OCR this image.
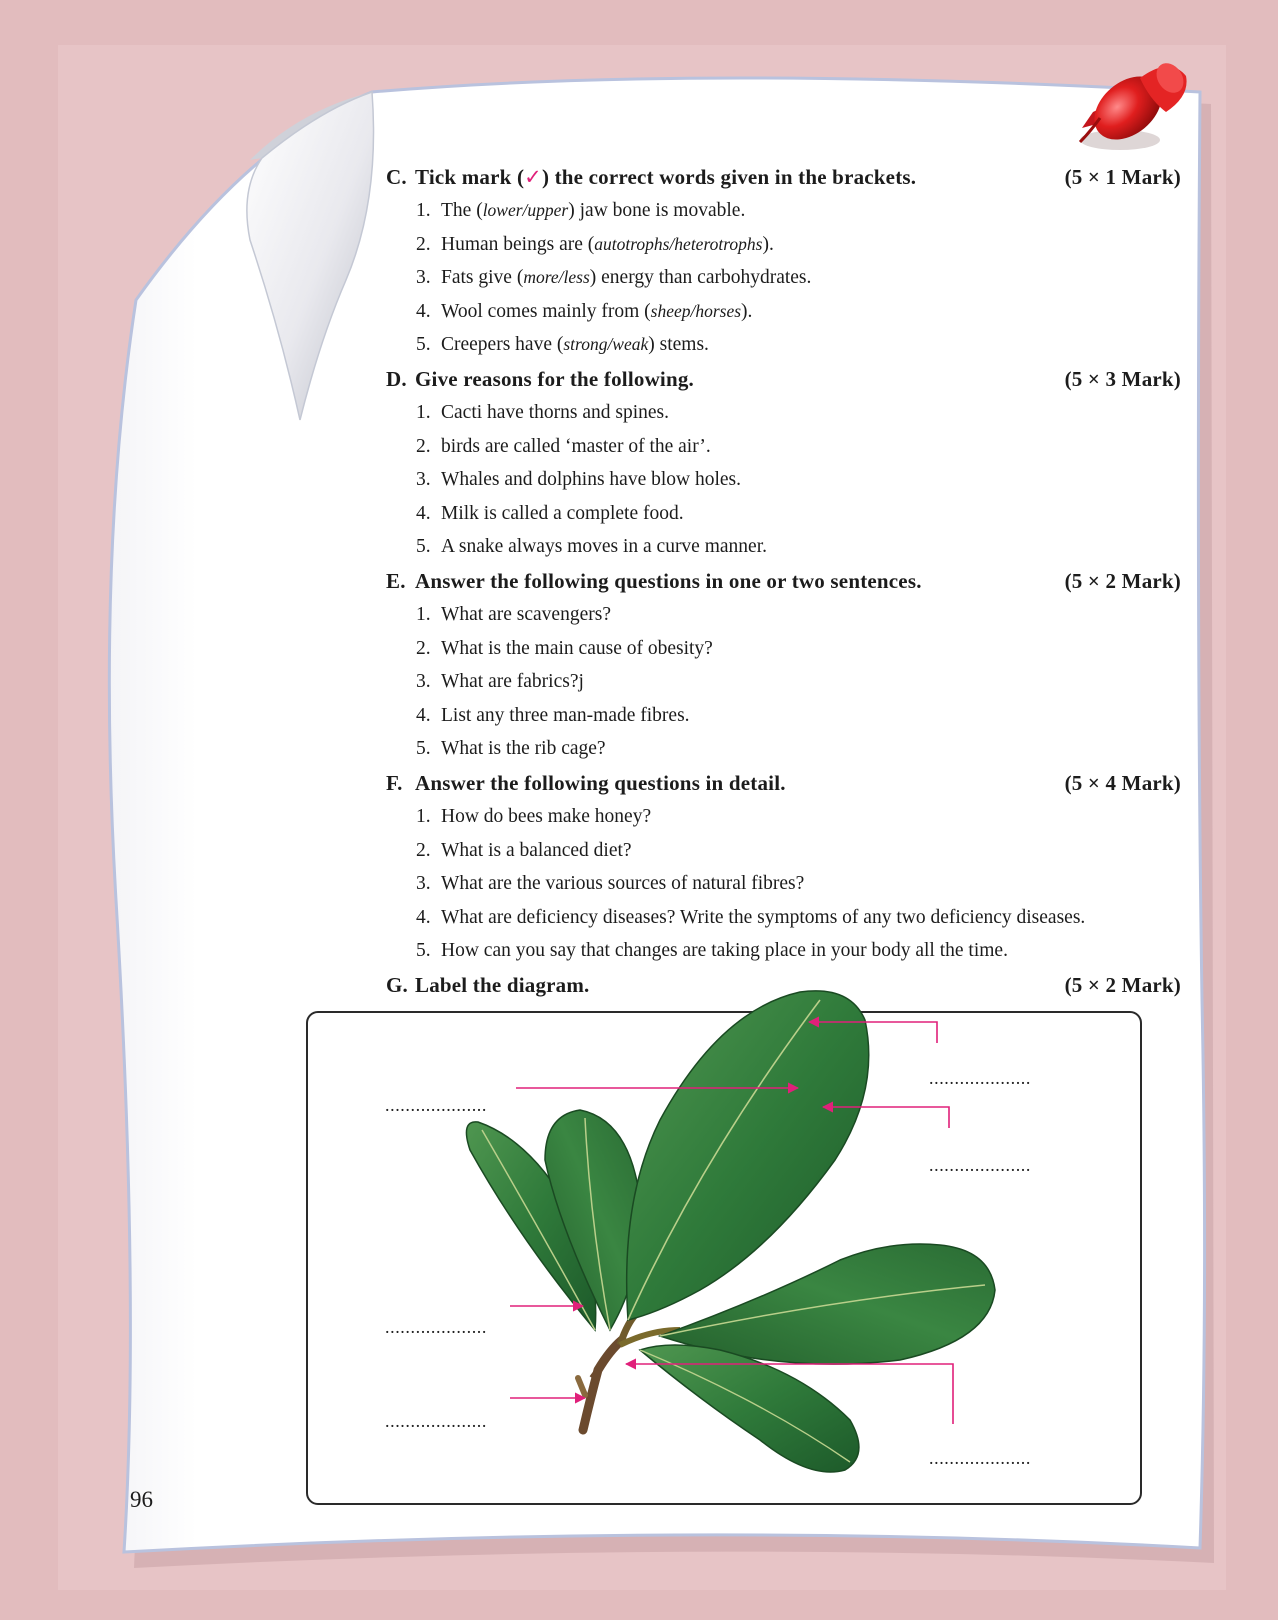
C. Tick mark (✓) the correct words given in the brackets.	(5 × 1 Mark)
1. The (lower/upper) jaw bone is movable.
2. Human beings are (autotrophs/heterotrophs).
3. Fats give (more/less) energy than carbohydrates.
4. Wool comes mainly from (sheep/horses).
5. Creepers have (strong/weak) stems.
D. Give reasons for the following.	(5 × 3 Mark)
1. Cacti have thorns and spines.
2. birds are called ‘master of the air’.
3. Whales and dolphins have blow holes.
4. Milk is called a complete food.
5. A snake always moves in a curve manner.
E. Answer the following questions in one or two sentences.	(5 × 2 Mark)
1. What are scavengers?
2. What is the main cause of obesity?
3. What are fabrics?j
4. List any three man-made fibres.
5. What is the rib cage?
F. Answer the following questions in detail.	(5 × 4 Mark)
1. How do bees make honey?
2. What is a balanced diet?
3. What are the various sources of natural fibres?
4. What are deficiency diseases? Write the symptoms of any two deficiency diseases.
5. How can you say that changes are taking place in your body all the time.
G. Label the diagram.	(5 × 2 Mark)
....................
....................
....................
....................
....................
....................
96
